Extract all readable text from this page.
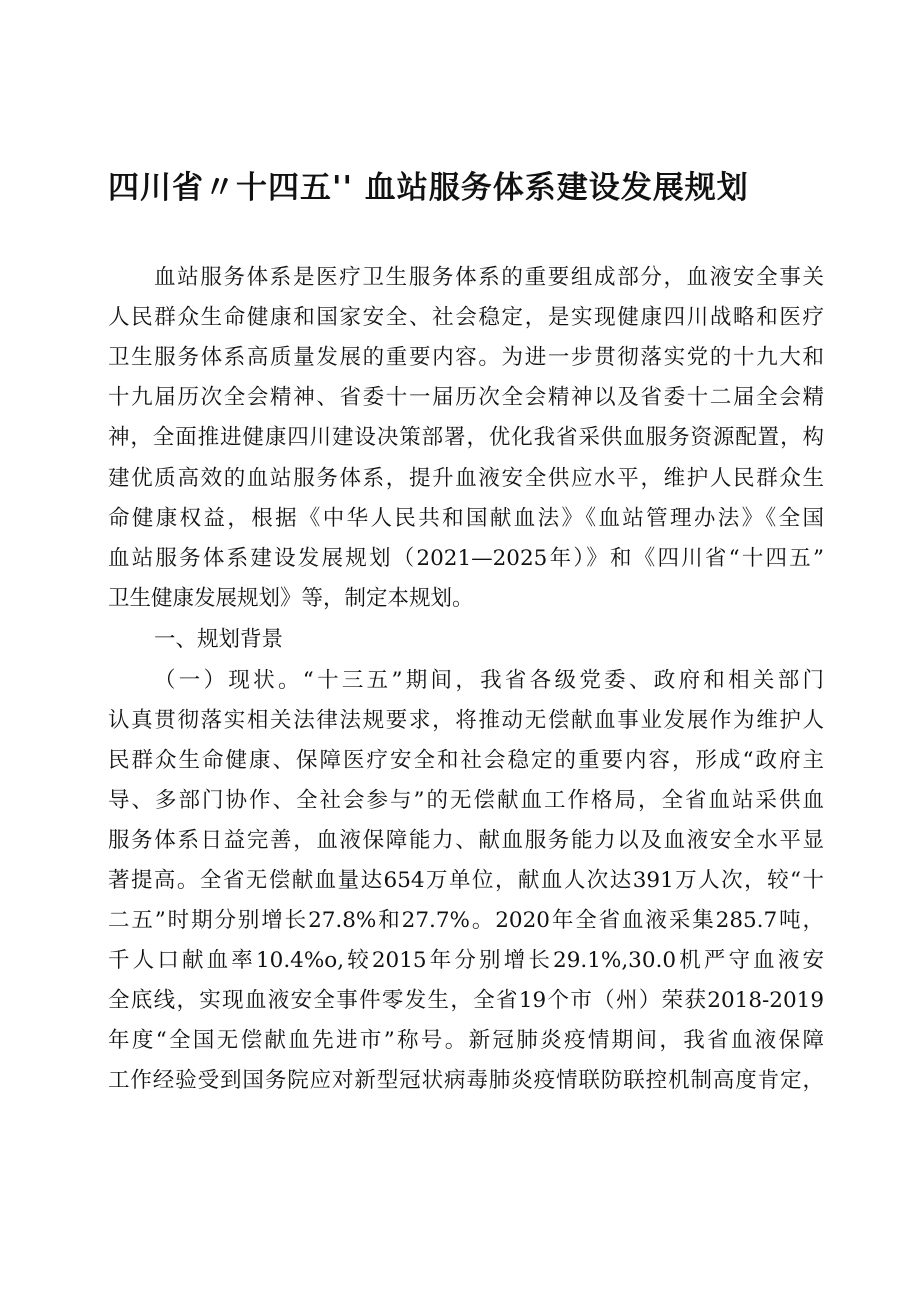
四川省〃十四五'' 血站服务体系建设发展规划
血站服务体系是医疗卫生服务体系的重要组成部分，血液安全事关
人民群众生命健康和国家安全、社会稳定，是实现健康四川战略和医疗
卫生服务体系高质量发展的重要内容。为进一步贯彻落实党的十九大和
十九届历次全会精神、省委十一届历次全会精神以及省委十二届全会精
神，全面推进健康四川建设决策部署，优化我省采供血服务资源配置，构
建优质高效的血站服务体系，提升血液安全供应水平，维护人民群众生
命健康权益，根据《中华人民共和国献血法》《血站管理办法》《全国
血站服务体系建设发展规划（2021—2025年）》和《四川省“十四五”
卫生健康发展规划》等，制定本规划。
一、规划背景
（一）现状。“十三五”期间，我省各级党委、政府和相关部门
认真贯彻落实相关法律法规要求，将推动无偿献血事业发展作为维护人
民群众生命健康、保障医疗安全和社会稳定的重要内容，形成“政府主
导、多部门协作、全社会参与”的无偿献血工作格局，全省血站采供血
服务体系日益完善，血液保障能力、献血服务能力以及血液安全水平显
著提高。全省无偿献血量达654万单位，献血人次达391万人次，较“十
二五”时期分别增长27.8%和27.7%。2020年全省血液采集285.7吨，
千人口献血率10.4%o,较2015年分别增长29.1%,30.0机严守血液安
全底线，实现血液安全事件零发生，全省19个市（州）荣获2018-2019
年度“全国无偿献血先进市”称号。新冠肺炎疫情期间，我省血液保障
工作经验受到国务院应对新型冠状病毒肺炎疫情联防联控机制高度肯定，
